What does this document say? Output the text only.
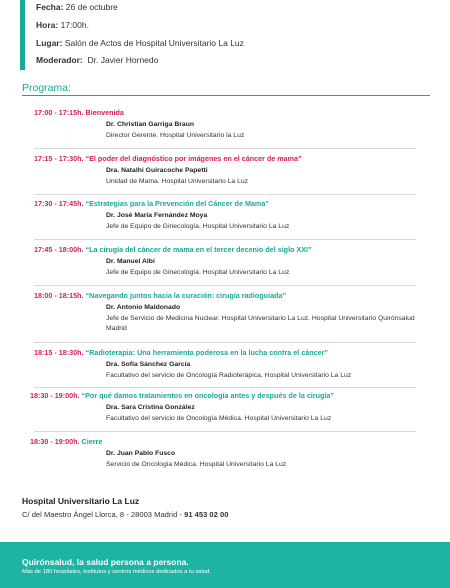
Fecha: 26 de octubre
Hora: 17:00h.
Lugar: Salón de Actos de Hospital Universitario La Luz
Moderador: Dr. Javier Hornedo
Programa:
17:00 - 17:15h. Bienvenida
Dr. Christian Garriga Braun
Director Gerente. Hospital Universitario la Luz
17:15 - 17:30h. “El poder del diagnóstico por imágenes en el cáncer de mama”
Dra. Natalhi Guiracoche Papetti
Unidad de Mama. Hospital Universitario La Luz
17:30 - 17:45h. “Estrategias para la Prevención del Cáncer de Mama”
Dr. José María Fernández Moya
Jefe de Equipo de Ginecología. Hospital Universitario La Luz
17:45 - 18:00h. “La cirugía del cáncer de mama en el tercer decenio del siglo XXI”
Dr. Manuel Albi
Jefe de Equipo de Ginecología. Hospital Universitario La Luz
18:00 - 18:15h. “Navegando juntos hacia la curación: cirugía radioguiada”
Dr. Antonio Maldonado
Jefe de Servicio de Medicina Nuclear. Hospital Universitario La Luz. Hospital Universitario Quirónsalud Madrid
18:15 - 18:30h. “Radioterapia: Una herramienta poderosa en la lucha contra el cáncer”
Dra. Sofía Sánchez García
Facultativo del servicio de Oncología Radioterápica, Hospital Universitario La Luz
18:30 - 19:00h. “Por qué damos tratamientos en oncología antes y después de la cirugía”
Dra. Sara Cristina González
Facultativo del servicio de Oncología Médica. Hospital Universitario La Luz
18:30 - 19:00h. Cierre
Dr. Juan Pablo Fusco
Servicio de Oncologia Médica. Hospital Universitario La Luz
Hospital Universitario La Luz
C/ del Maestro Ángel Llorca, 8 - 28003 Madrid - 91 453 02 00
Quirónsalud, la salud persona a persona.
Más de 180 hospitales, institutos y centros médicos dedicados a tu salud.
